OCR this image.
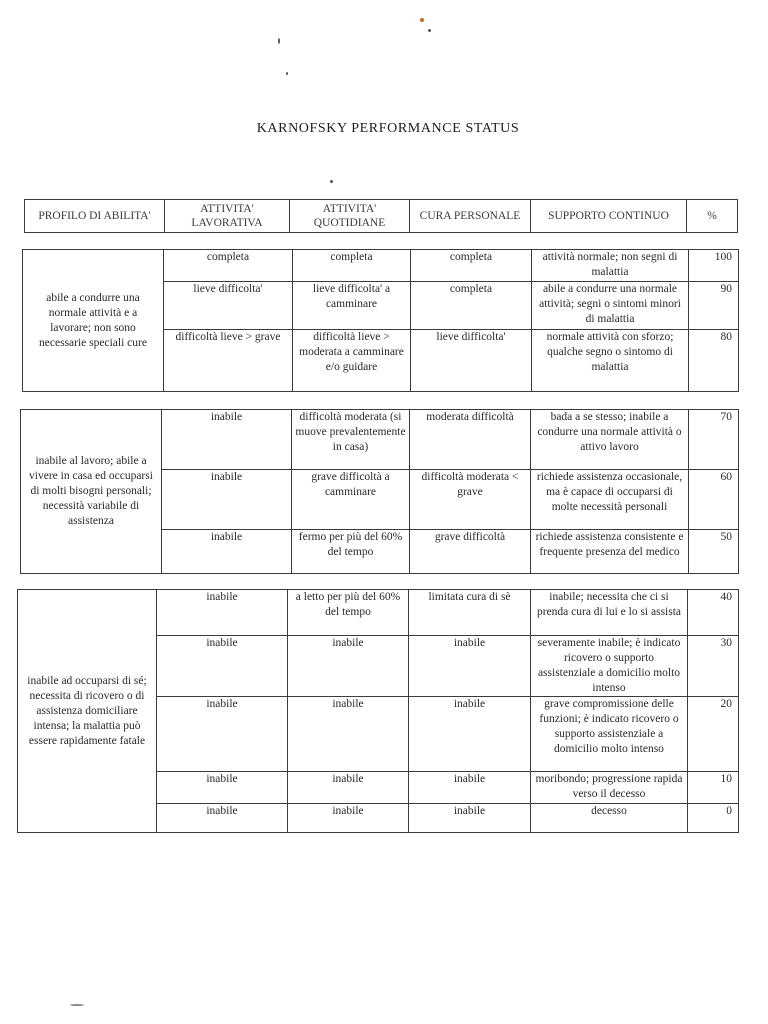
KARNOFSKY PERFORMANCE STATUS
PROFILO DI ABILITA'	ATTIVITA' LAVORATIVA	ATTIVITA' QUOTIDIANE	CURA PERSONALE	SUPPORTO CONTINUO	%
abile a condurre una normale attività e a lavorare; non sono necessarie speciali cure	completa	completa	completa	attività normale; non segni di malattia	100
	lieve difficolta'	lieve difficolta' a camminare	completa	abile a condurre una normale attività; segni o sintomi minori di malattia	90
	difficoltà lieve > grave	difficoltà lieve > moderata a camminare e/o guidare	lieve difficolta'	normale attività con sforzo; qualche segno o sintomo di malattia	80
inabile al lavoro; abile a vivere in casa ed occuparsi di molti bisogni personali; necessità variabile di assistenza	inabile	difficoltà moderata (si muove prevalentemente in casa)	moderata difficoltà	bada a se stesso; inabile a condurre una normale attività o attivo lavoro	70
	inabile	grave difficoltà a camminare	difficoltà moderata < grave	richiede assistenza occasionale, ma è capace di occuparsi di molte necessità personali	60
	inabile	fermo per più del 60% del tempo	grave difficoltà	richiede assistenza consistente e frequente presenza del medico	50
inabile ad occuparsi di sé; necessita di ricovero o di assistenza domiciliare intensa; la malattia può essere rapidamente fatale	inabile	a letto per più del 60% del tempo	limitata cura di sè	inabile; necessita che ci si prenda cura di lui e lo si assista	40
	inabile	inabile	inabile	severamente inabile; è indicato ricovero o supporto assistenziale a domicilio molto intenso	30
	inabile	inabile	inabile	grave compromissione delle funzioni; è indicato ricovero o supporto assistenziale a domicilio molto intenso	20
	inabile	inabile	inabile	moribondo; progressione rapida verso il decesso	10
	inabile	inabile	inabile	decesso	0
